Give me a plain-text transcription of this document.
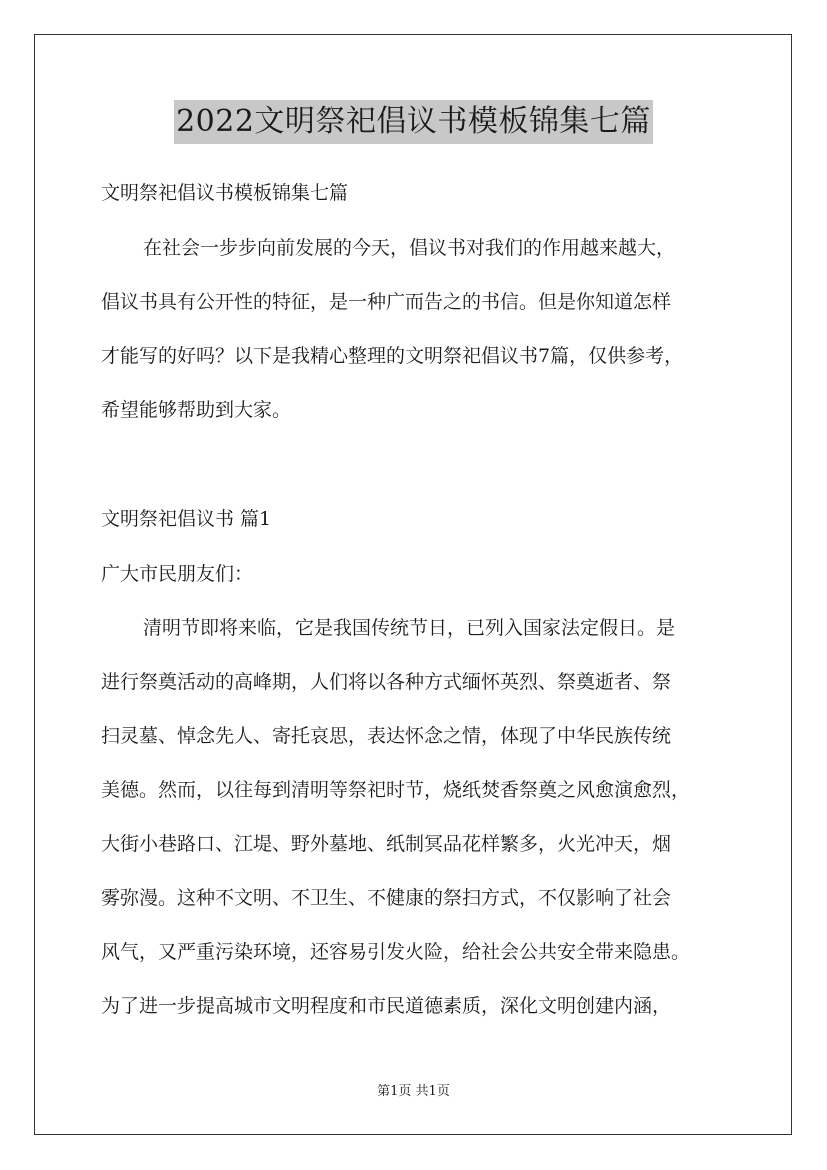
2022文明祭祀倡议书模板锦集七篇
文明祭祀倡议书模板锦集七篇
在社会一步步向前发展的今天，倡议书对我们的作用越来越大，
倡议书具有公开性的特征，是一种广而告之的书信。但是你知道怎样
才能写的好吗？以下是我精心整理的文明祭祀倡议书7篇，仅供参考，
希望能够帮助到大家。
文明祭祀倡议书 篇1
广大市民朋友们：
清明节即将来临，它是我国传统节日，已列入国家法定假日。是
进行祭奠活动的高峰期，人们将以各种方式缅怀英烈、祭奠逝者、祭
扫灵墓、悼念先人、寄托哀思，表达怀念之情，体现了中华民族传统
美德。然而，以往每到清明等祭祀时节，烧纸焚香祭奠之风愈演愈烈，
大街小巷路口、江堤、野外墓地、纸制冥品花样繁多，火光冲天，烟
雾弥漫。这种不文明、不卫生、不健康的祭扫方式，不仅影响了社会
风气，又严重污染环境，还容易引发火险，给社会公共安全带来隐患。
为了进一步提高城市文明程度和市民道德素质，深化文明创建内涵，
第1页 共1页
